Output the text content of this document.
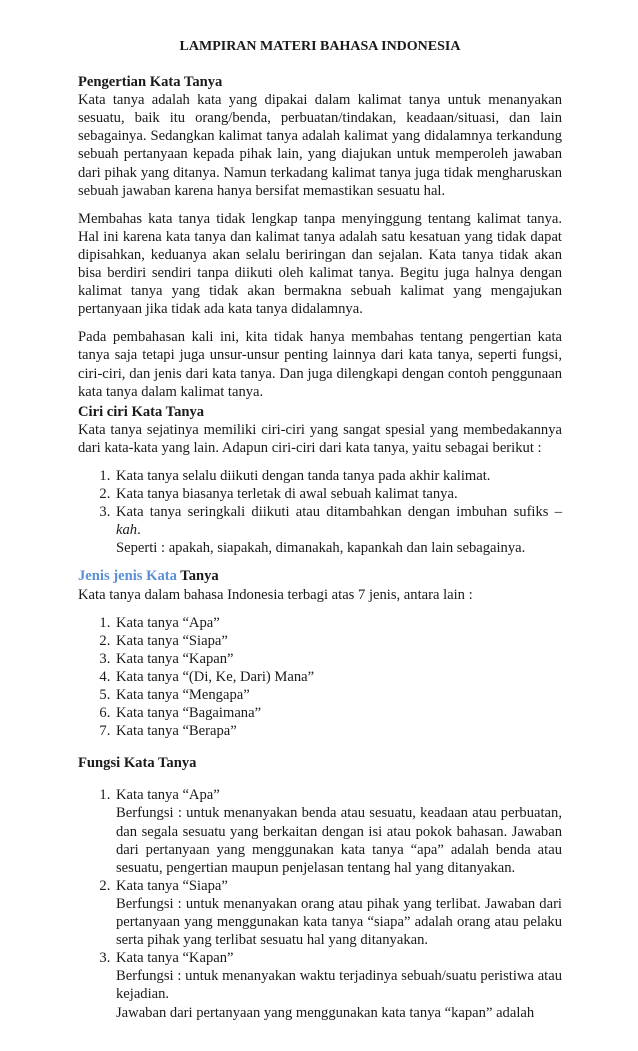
LAMPIRAN MATERI BAHASA INDONESIA
Pengertian Kata Tanya

Kata tanya adalah kata yang dipakai dalam kalimat tanya untuk menanyakan sesuatu, baik itu orang/benda, perbuatan/tindakan, keadaan/situasi, dan lain sebagainya. Sedangkan kalimat tanya adalah kalimat yang didalamnya terkandung sebuah pertanyaan kepada pihak lain, yang diajukan untuk memperoleh jawaban dari pihak yang ditanya. Namun terkadang kalimat tanya juga tidak mengharuskan sebuah jawaban karena hanya bersifat memastikan sesuatu hal.

Membahas kata tanya tidak lengkap tanpa menyinggung tentang kalimat tanya. Hal ini karena kata tanya dan kalimat tanya adalah satu kesatuan yang tidak dapat dipisahkan, keduanya akan selalu beriringan dan sejalan. Kata tanya tidak akan bisa berdiri sendiri tanpa diikuti oleh kalimat tanya. Begitu juga halnya dengan kalimat tanya yang tidak akan bermakna sebuah kalimat yang mengajukan pertanyaan jika tidak ada kata tanya didalamnya.

Pada pembahasan kali ini, kita tidak hanya membahas tentang pengertian kata tanya saja tetapi juga unsur-unsur penting lainnya dari kata tanya, seperti fungsi, ciri-ciri, dan jenis dari kata tanya. Dan juga dilengkapi dengan contoh penggunaan kata tanya dalam kalimat tanya.

Ciri ciri Kata Tanya

Kata tanya sejatinya memiliki ciri-ciri yang sangat spesial yang membedakannya dari kata-kata yang lain. Adapun ciri-ciri dari kata tanya, yaitu sebagai berikut :

1. Kata tanya selalu diikuti dengan tanda tanya pada akhir kalimat.
2. Kata tanya biasanya terletak di awal sebuah kalimat tanya.
3. Kata tanya seringkali diikuti atau ditambahkan dengan imbuhan sufiks –kah.
Seperti : apakah, siapakah, dimanakah, kapankah dan lain sebagainya.
Jenis jenis Kata Tanya

Kata tanya dalam bahasa Indonesia terbagi atas 7 jenis, antara lain :

1. Kata tanya “Apa”
2. Kata tanya “Siapa”
3. Kata tanya “Kapan”
4. Kata tanya “(Di, Ke, Dari) Mana”
5. Kata tanya “Mengapa”
6. Kata tanya “Bagaimana”
7. Kata tanya “Berapa”
Fungsi Kata Tanya
1. Kata tanya “Apa”
Berfungsi : untuk menanyakan benda atau sesuatu, keadaan atau perbuatan, dan segala sesuatu yang berkaitan dengan isi atau pokok bahasan. Jawaban dari pertanyaan yang menggunakan kata tanya “apa” adalah benda atau sesuatu, pengertian maupun penjelasan tentang hal yang ditanyakan.
2. Kata tanya “Siapa”
Berfungsi : untuk menanyakan orang atau pihak yang terlibat. Jawaban dari pertanyaan yang menggunakan kata tanya “siapa” adalah orang atau pelaku serta pihak yang terlibat sesuatu hal yang ditanyakan.
3. Kata tanya “Kapan”
Berfungsi : untuk menanyakan waktu terjadinya sebuah/suatu peristiwa atau kejadian.
Jawaban dari pertanyaan yang menggunakan kata tanya “kapan” adalah
